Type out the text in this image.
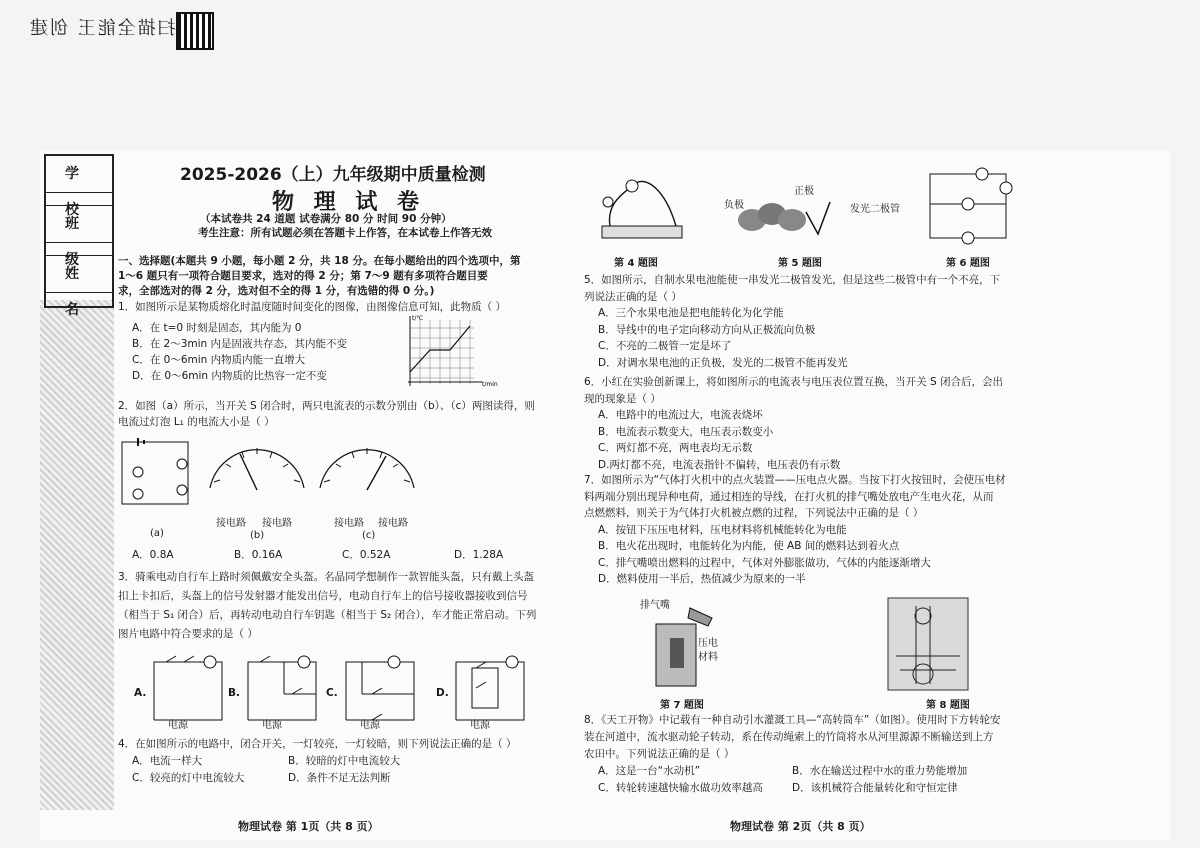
扫描全能王 创建
学 校
班 级
姓 名
2025-2026（上）九年级期中质量检测
物 理 试 卷
（本试卷共 24 道题 试卷满分 80 分 时间 90 分钟）
考生注意：所有试题必须在答题卡上作答，在本试卷上作答无效
一、选择题(本题共 9 小题，每小题 2 分，共 18 分。在每小题给出的四个选项中，第
1～6 题只有一项符合题目要求，选对的得 2 分；第 7～9 题有多项符合题目要
求，全部选对的得 2 分，选对但不全的得 1 分，有选错的得 0 分。)
1．如图所示是某物质熔化时温度随时间变化的图像，由图像信息可知，此物质（ ）
A．在 t=0 时刻是固态，其内能为 0
B．在 2～3min 内是固液共存态，其内能不变
C．在 0～6min 内物质内能一直增大
D．在 0～6min 内物质的比热容一定不变
t/℃
t/min
2．如图（a）所示，当开关 S 闭合时，两只电流表的示数分别由（b）、（c）两图读得，则
电流过灯泡 L₁ 的电流大小是（ ）
(a)
接电路 接电路	接电路 接电路
(b)	(c)
A．0.8A	B．0.16A	C．0.52A	D．1.28A
3．骑乘电动自行车上路时须佩戴安全头盔。名晶同学想制作一款智能头盔，只有戴上头盔
扣上卡扣后，头盔上的信号发射器才能发出信号，电动自行车上的信号接收器接收到信号
（相当于 S₁ 闭合）后，再转动电动自行车钥匙（相当于 S₂ 闭合），车才能正常启动。下列
图片电路中符合要求的是（ ）
A.	B.	C.	D.
电源	电源	电源	电源
4．在如图所示的电路中，闭合开关，一灯较亮，一灯较暗，则下列说法正确的是（ ）
A．电流一样大	B．较暗的灯中电流较大
C．较亮的灯中电流较大	D．条件不足无法判断
物理试卷 第 1页（共 8 页）
第 4 题图
负极
正极
发光二极管
第 5 题图	第 6 题图
5．如图所示，自制水果电池能使一串发光二极管发光，但是这些二极管中有一个不亮，下
列说法正确的是（ ）
A．三个水果电池是把电能转化为化学能
B．导线中的电子定向移动方向从正极流向负极
C．不亮的二极管一定是坏了
D．对调水果电池的正负极，发光的二极管不能再发光
6．小红在实验创新课上，将如图所示的电流表与电压表位置互换，当开关 S 闭合后，会出
现的现象是（ ）
A．电路中的电流过大，电流表烧坏
B．电流表示数变大，电压表示数变小
C．两灯都不亮，两电表均无示数
D.两灯都不亮，电流表指针不偏转，电压表仍有示数
7．如图所示为“气体打火机中的点火装置——压电点火器。当按下打火按钮时，会使压电材
料两端分别出现异种电荷，通过相连的导线，在打火机的排气嘴处放电产生电火花，从而
点燃燃料，则关于为气体打火机被点燃的过程，下列说法中正确的是（ ）
A．按钮下压压电材料，压电材料将机械能转化为电能
B．电火花出现时，电能转化为内能，使 AB 间的燃料达到着火点
C．排气嘴喷出燃料的过程中，气体对外膨胀做功，气体的内能逐渐增大
D．燃料使用一半后，热值减少为原来的一半
排气嘴
压电
材料
第 7 题图	第 8 题图
8．《天工开物》中记载有一种自动引水灌溉工具—“高转筒车”（如图）。使用时下方转轮安
装在河道中，流水驱动轮子转动，系在传动绳索上的竹筒将水从河里源源不断输送到上方
农田中。下列说法正确的是（ ）
A．这是一台“水动机”	B．水在输送过程中水的重力势能增加
C．转轮转速越快输水做功效率越高	D．该机械符合能量转化和守恒定律
物理试卷 第 2页（共 8 页）
